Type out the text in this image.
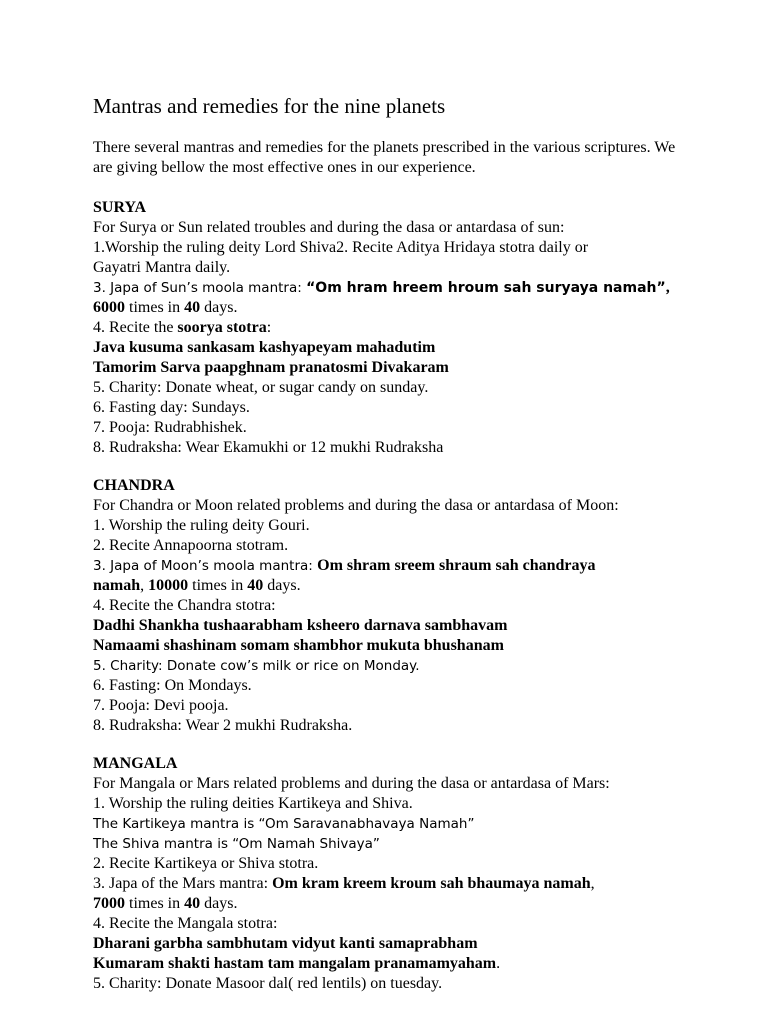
Mantras and remedies for the nine planets
There several mantras and remedies for the planets prescribed in the various scriptures. We are giving bellow the most effective ones in our experience.
SURYA
For Surya or Sun related troubles and during the dasa or antardasa of sun:
1.Worship the ruling deity Lord Shiva2. Recite Aditya Hridaya stotra daily or
Gayatri Mantra daily.
3. Japa of Sun’s moola mantra: “Om hram hreem hroum sah suryaya namah”,
6000 times in 40 days.
4. Recite the soorya stotra:
Java kusuma sankasam kashyapeyam mahadutim
Tamorim Sarva paapghnam pranatosmi Divakaram
5. Charity: Donate wheat, or sugar candy on sunday.
6. Fasting day: Sundays.
7. Pooja: Rudrabhishek.
8. Rudraksha: Wear Ekamukhi or 12 mukhi Rudraksha
CHANDRA
For Chandra or Moon related problems and during the dasa or antardasa of Moon:
1. Worship the ruling deity Gouri.
2. Recite Annapoorna stotram.
3. Japa of Moon’s moola mantra: Om shram sreem shraum sah chandraya
namah, 10000 times in 40 days.
4. Recite the Chandra stotra:
Dadhi Shankha tushaarabham ksheero darnava sambhavam
Namaami shashinam somam shambhor mukuta bhushanam
5. Charity: Donate cow’s milk or rice on Monday.
6. Fasting: On Mondays.
7. Pooja: Devi pooja.
8. Rudraksha: Wear 2 mukhi Rudraksha.
MANGALA
For Mangala or Mars related problems and during the dasa or antardasa of Mars:
1. Worship the ruling deities Kartikeya and Shiva.
The Kartikeya mantra is “Om Saravanabhavaya Namah”
The Shiva mantra is “Om Namah Shivaya”
2. Recite Kartikeya or Shiva stotra.
3. Japa of the Mars mantra: Om kram kreem kroum sah bhaumaya namah,
7000 times in 40 days.
4. Recite the Mangala stotra:
Dharani garbha sambhutam vidyut kanti samaprabham
Kumaram shakti hastam tam mangalam pranamamyaham.
5. Charity: Donate Masoor dal( red lentils) on tuesday.
